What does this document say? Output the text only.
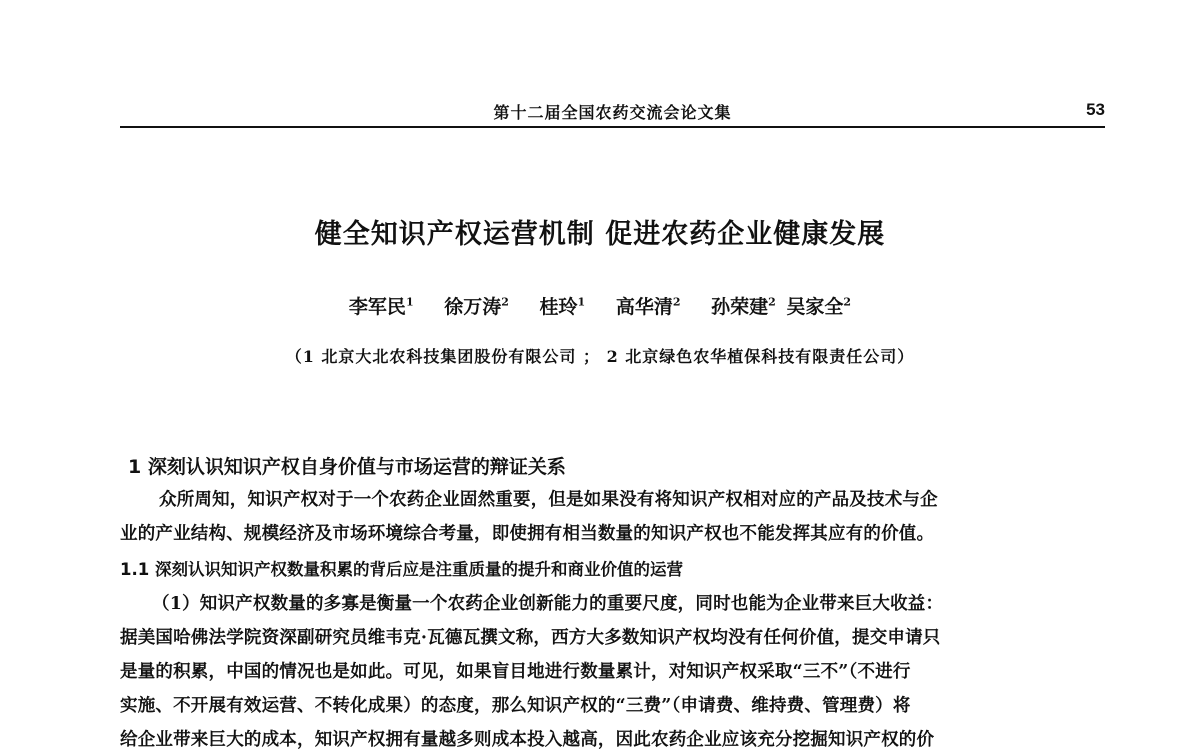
第十二届全国农药交流会论文集	53
健全知识产权运营机制 促进农药企业健康发展
李军民$^1$ 徐万涛$^2$ 桂玲$^1$ 高华清$^2$ 孙荣建$^2$ 吴家全$^2$

（1 北京大北农科技集团股份有限公司 ； 2 北京绿色农华植保科技有限责任公司）

1 深刻认识知识产权自身价值与市场运营的辩证关系

众所周知，知识产权对于一个农药企业固然重要，但是如果没有将知识产权相对应的产品及技术与企

业的产业结构、规模经济及市场环境综合考量，即使拥有相当数量的知识产权也不能发挥其应有的价值。

1.1 深刻认识知识产权数量积累的背后应是注重质量的提升和商业价值的运营

（1）知识产权数量的多寡是衡量一个农药企业创新能力的重要尺度，同时也能为企业带来巨大收益：

据美国哈佛法学院资深副研究员维韦克·瓦德瓦撰文称，西方大多数知识产权均没有任何价值，提交申请只

是量的积累，中国的情况也是如此。可见，如果盲目地进行数量累计，对知识产权采取“三不”（不进行

实施、不开展有效运营、不转化成果）的态度，那么知识产权的“三费”（申请费、维持费、管理费）将

给企业带来巨大的成本，知识产权拥有量越多则成本投入越高，因此农药企业应该充分挖掘知识产权的价
